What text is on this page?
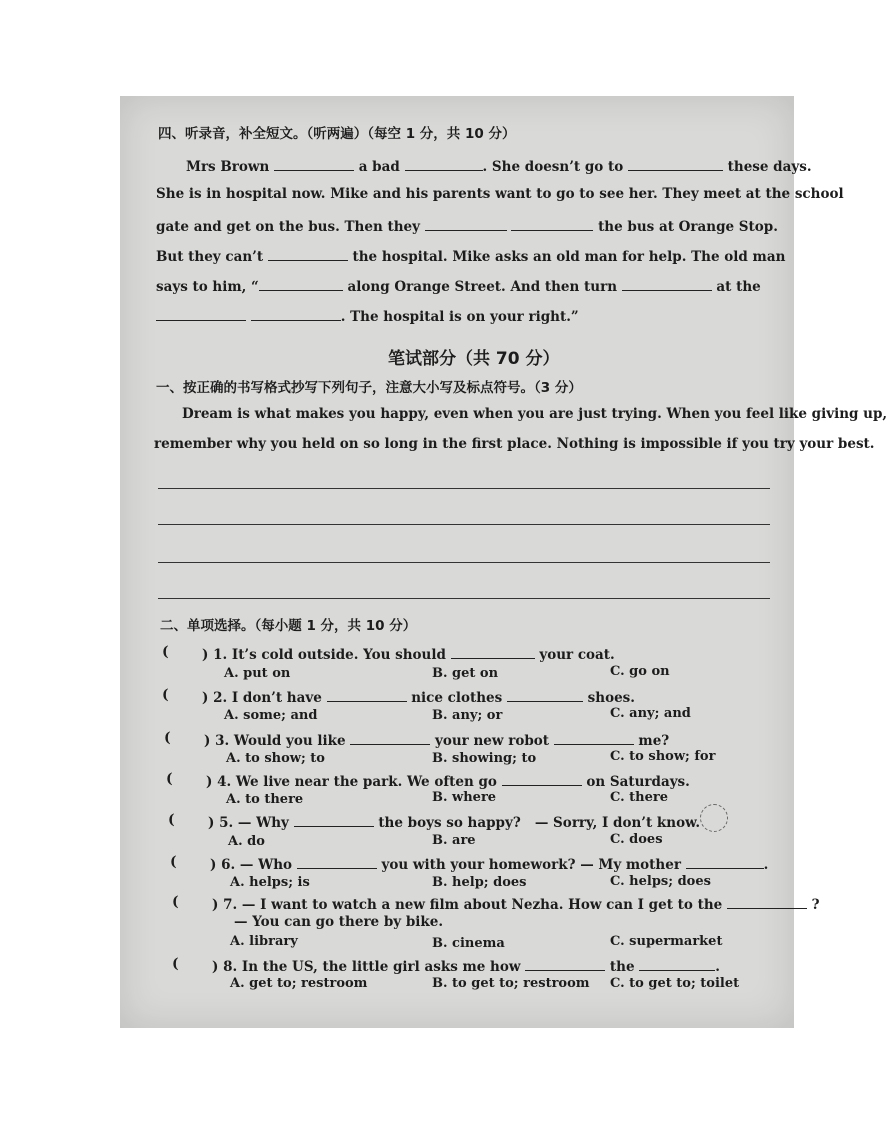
四、听录音，补全短文。（听两遍）（每空 1 分，共 10 分）
Mrs Brown	a bad	. She doesn’t go to	these days.
She is in hospital now. Mike and his parents want to go to see her. They meet at the school
gate and get on the bus. Then they	the bus at Orange Stop.
But they can’t	the hospital. Mike asks an old man for help. The old man
says to him, “	along Orange Street. And then turn	at the
. The hospital is on your right.”
笔试部分（共 70 分）
一、按正确的书写格式抄写下列句子，注意大小写及标点符号。（3 分）
Dream is what makes you happy, even when you are just trying. When you feel like giving up,
remember why you held on so long in the first place. Nothing is impossible if you try your best.
二、单项选择。（每小题 1 分，共 10 分）
( ) 1. It’s cold outside. You should	your coat.
A. put on	B. get on	C. go on
( ) 2. I don’t have	nice clothes	shoes.
A. some; and	B. any; or	C. any; and
( ) 3. Would you like	your new robot	me?
A. to show; to	B. showing; to	C. to show; for
( ) 4. We live near the park. We often go	on Saturdays.
A. to there	B. where	C. there
( ) 5. — Why	the boys so happy? — Sorry, I don’t know.
A. do	B. are	C. does
( ) 6. — Who	you with your homework? — My mother	.
A. helps; is	B. help; does	C. helps; does
( ) 7. — I want to watch a new film about Nezha. How can I get to the	?
— You can go there by bike.
A. library	B. cinema	C. supermarket
( ) 8. In the US, the little girl asks me how	the	.
A. get to; restroom	B. to get to; restroom C. to get to; toilet
